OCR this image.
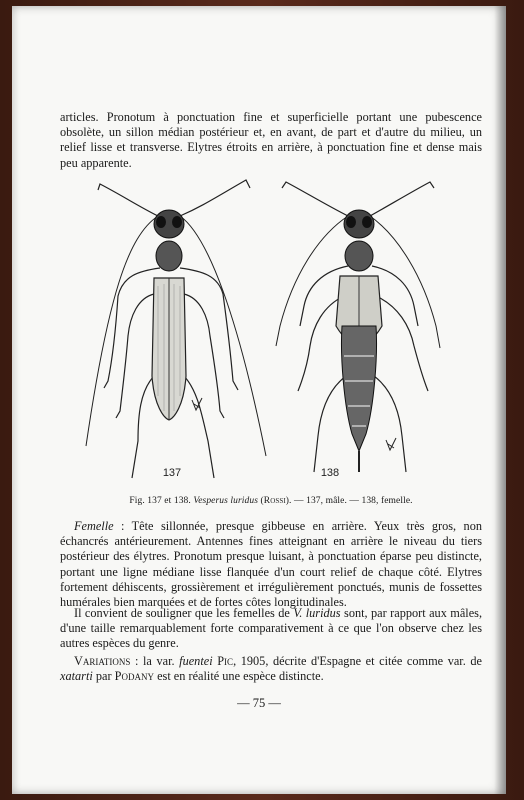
articles. Pronotum à ponctuation fine et superficielle portant une pubescence obsolète, un sillon médian postérieur et, en avant, de part et d'autre du milieu, un relief lisse et transverse. Elytres étroits en arrière, à ponctuation fine et dense mais peu apparente.
137	138
Fig. 137 et 138. Vesperus luridus (Rossi). — 137, mâle. — 138, femelle.
Femelle : Tête sillonnée, presque gibbeuse en arrière. Yeux très gros, non échancrés antérieurement. Antennes fines atteignant en arrière le niveau du tiers postérieur des élytres. Pronotum presque luisant, à ponctuation éparse peu distincte, portant une ligne médiane lisse flanquée d'un court relief de chaque côté. Elytres fortement déhiscents, grossièrement et irrégulièrement ponctués, munis de fossettes humérales bien marquées et de fortes côtes longitudinales.
Il convient de souligner que les femelles de V. luridus sont, par rapport aux mâles, d'une taille remarquablement forte comparativement à ce que l'on observe chez les autres espèces du genre.
Variations : la var. fuentei Pic, 1905, décrite d'Espagne et citée comme var. de xatarti par Podany est en réalité une espèce distincte.
— 75 —
